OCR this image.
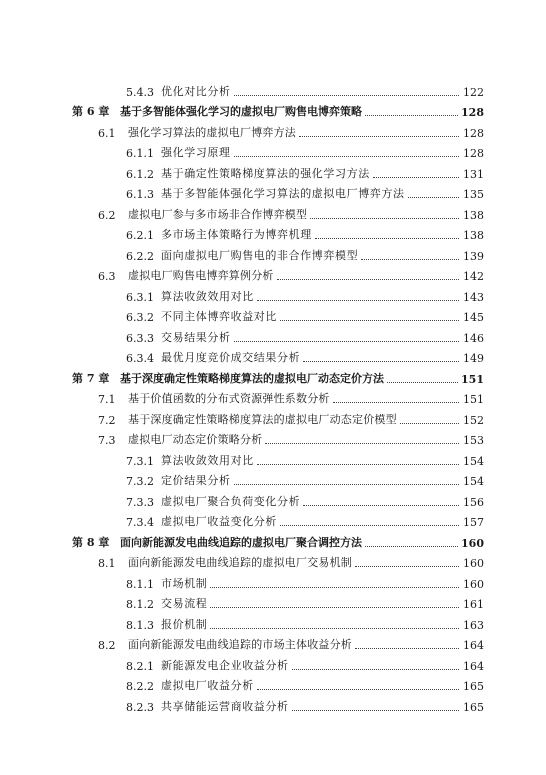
5.4.3 优化对比分析	122
第 6 章 基于多智能体强化学习的虚拟电厂购售电博弈策略	128
6.1	强化学习算法的虚拟电厂博弈方法	128
6.1.1 强化学习原理	128
6.1.2 基于确定性策略梯度算法的强化学习方法	131
6.1.3 基于多智能体强化学习算法的虚拟电厂博弈方法	135
6.2	虚拟电厂参与多市场非合作博弈模型	138
6.2.1 多市场主体策略行为博弈机理	138
6.2.2 面向虚拟电厂购售电的非合作博弈模型	139
6.3	虚拟电厂购售电博弈算例分析	142
6.3.1 算法收敛效用对比	143
6.3.2 不同主体博弈收益对比	145
6.3.3 交易结果分析	146
6.3.4 最优月度竞价成交结果分析	149
第 7 章 基于深度确定性策略梯度算法的虚拟电厂动态定价方法	151
7.1	基于价值函数的分布式资源弹性系数分析	151
7.2	基于深度确定性策略梯度算法的虚拟电厂动态定价模型	152
7.3	虚拟电厂动态定价策略分析	153
7.3.1 算法收敛效用对比	154
7.3.2 定价结果分析	154
7.3.3 虚拟电厂聚合负荷变化分析	156
7.3.4 虚拟电厂收益变化分析	157
第 8 章 面向新能源发电曲线追踪的虚拟电厂聚合调控方法	160
8.1	面向新能源发电曲线追踪的虚拟电厂交易机制	160
8.1.1 市场机制	160
8.1.2 交易流程	161
8.1.3 报价机制	163
8.2	面向新能源发电曲线追踪的市场主体收益分析	164
8.2.1 新能源发电企业收益分析	164
8.2.2 虚拟电厂收益分析	165
8.2.3 共享储能运营商收益分析	165
